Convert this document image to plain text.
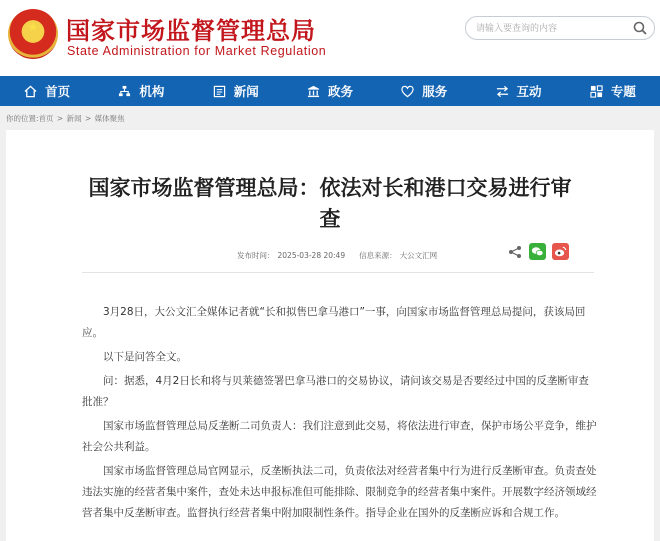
★	国家市场监督管理总局
State Administration for Market Regulation
请输入要查询的内容
首页	机构	新闻	政务	服务	互动	专题
你的位置:首页 > 新闻 > 媒体聚焦
国家市场监督管理总局：依法对长和港口交易进行审查
发布时间： 2025-03-28 20:49 信息来源： 大公文汇网

3月28日，大公文汇全媒体记者就“长和拟售巴拿马港口”一事，向国家市场监督管理总局提问，获该局回应。

以下是问答全文。

问：据悉，4月2日长和将与贝莱德签署巴拿马港口的交易协议，请问该交易是否要经过中国的反垄断审查批准？

国家市场监督管理总局反垄断二司负责人：我们注意到此交易，将依法进行审查，保护市场公平竞争，维护社会公共利益。

国家市场监督管理总局官网显示，反垄断执法二司，负责依法对经营者集中行为进行反垄断审查。负责查处违法实施的经营者集中案件，查处未达申报标准但可能排除、限制竞争的经营者集中案件。开展数字经济领域经营者集中反垄断审查。监督执行经营者集中附加限制性条件。指导企业在国外的反垄断应诉和合规工作。
